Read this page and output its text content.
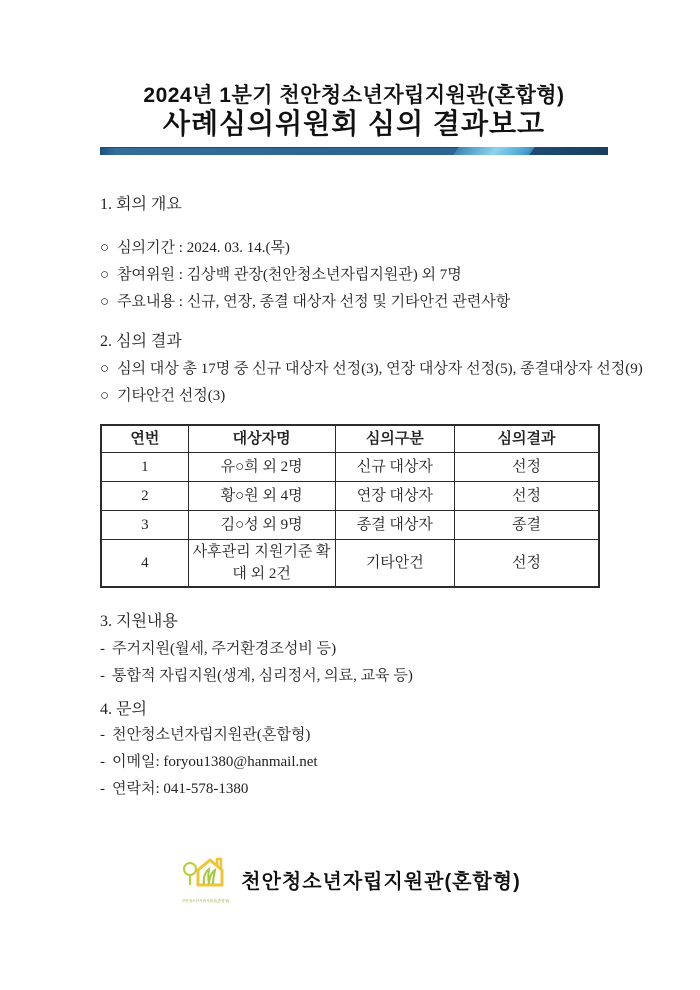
2024년 1분기 천안청소년자립지원관(혼합형)
사례심의위원회 심의 결과보고
1. 회의 개요
○ 심의기간 : 2024. 03. 14.(목)
○ 참여위원 : 김상백 관장(천안청소년자립지원관) 외 7명
○ 주요내용 : 신규, 연장, 종결 대상자 선정 및 기타안건 관련사항
2. 심의 결과
○ 심의 대상 총 17명 중 신규 대상자 선정(3), 연장 대상자 선정(5), 종결대상자 선정(9)
○ 기타안건 선정(3)
연번	대상자명	심의구분	심의결과
1	유○희 외 2명	신규 대상자	선정
2	황○원 외 4명	연장 대상자	선정
3	김○성 외 9명	종결 대상자	종결
4	사후관리 지원기준 확대 외 2건	기타안건	선정
3. 지원내용
- 주거지원(월세, 주거환경조성비 등)
- 통합적 자립지원(생계, 심리정서, 의료, 교육 등)
4. 문의
- 천안청소년자립지원관(혼합형)
- 이메일: foryou1380@hanmail.net
- 연락처: 041-578-1380
천안청소년자립지원관(혼합형)
천안청소년자립지원관(혼합형)
